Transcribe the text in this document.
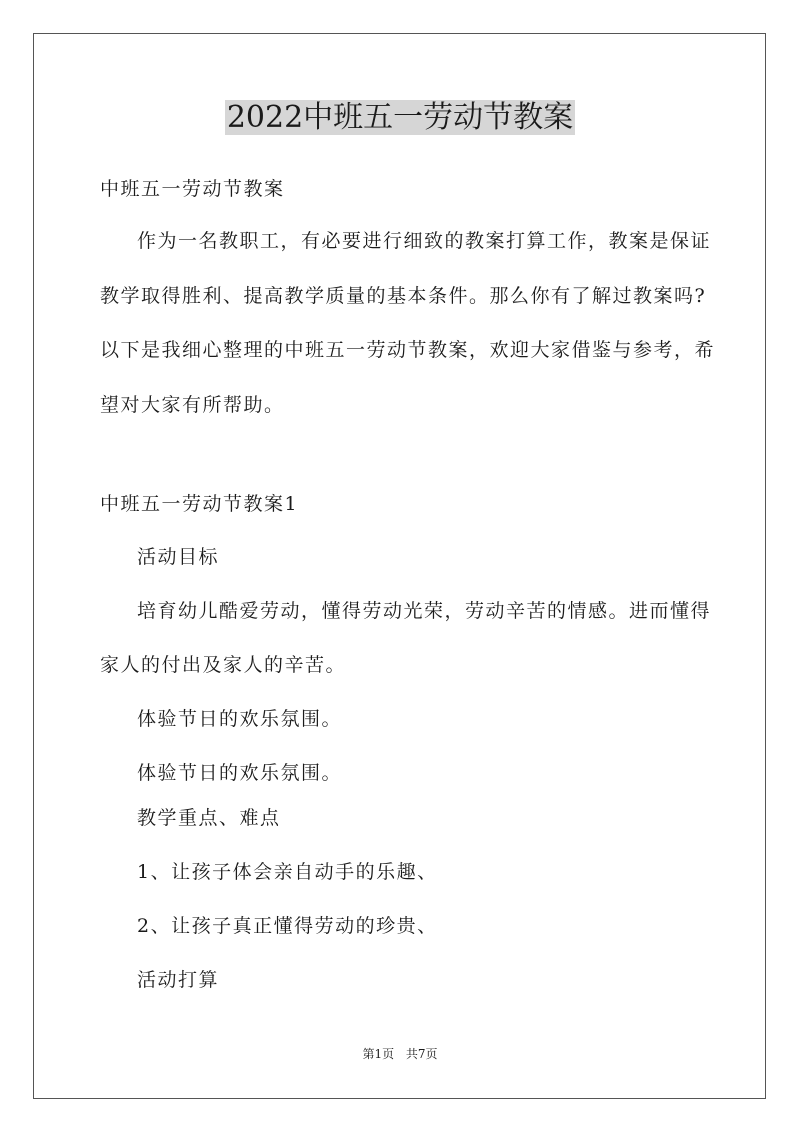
2022中班五一劳动节教案
中班五一劳动节教案
作为一名教职工，有必要进行细致的教案打算工作，教案是保证
教学取得胜利、提高教学质量的基本条件。那么你有了解过教案吗?
以下是我细心整理的中班五一劳动节教案，欢迎大家借鉴与参考，希
望对大家有所帮助。
中班五一劳动节教案1
活动目标
培育幼儿酷爱劳动，懂得劳动光荣，劳动辛苦的情感。进而懂得
家人的付出及家人的辛苦。
体验节日的欢乐氛围。
体验节日的欢乐氛围。
教学重点、难点
1、让孩子体会亲自动手的乐趣、
2、让孩子真正懂得劳动的珍贵、
活动打算
第1页 共7页
